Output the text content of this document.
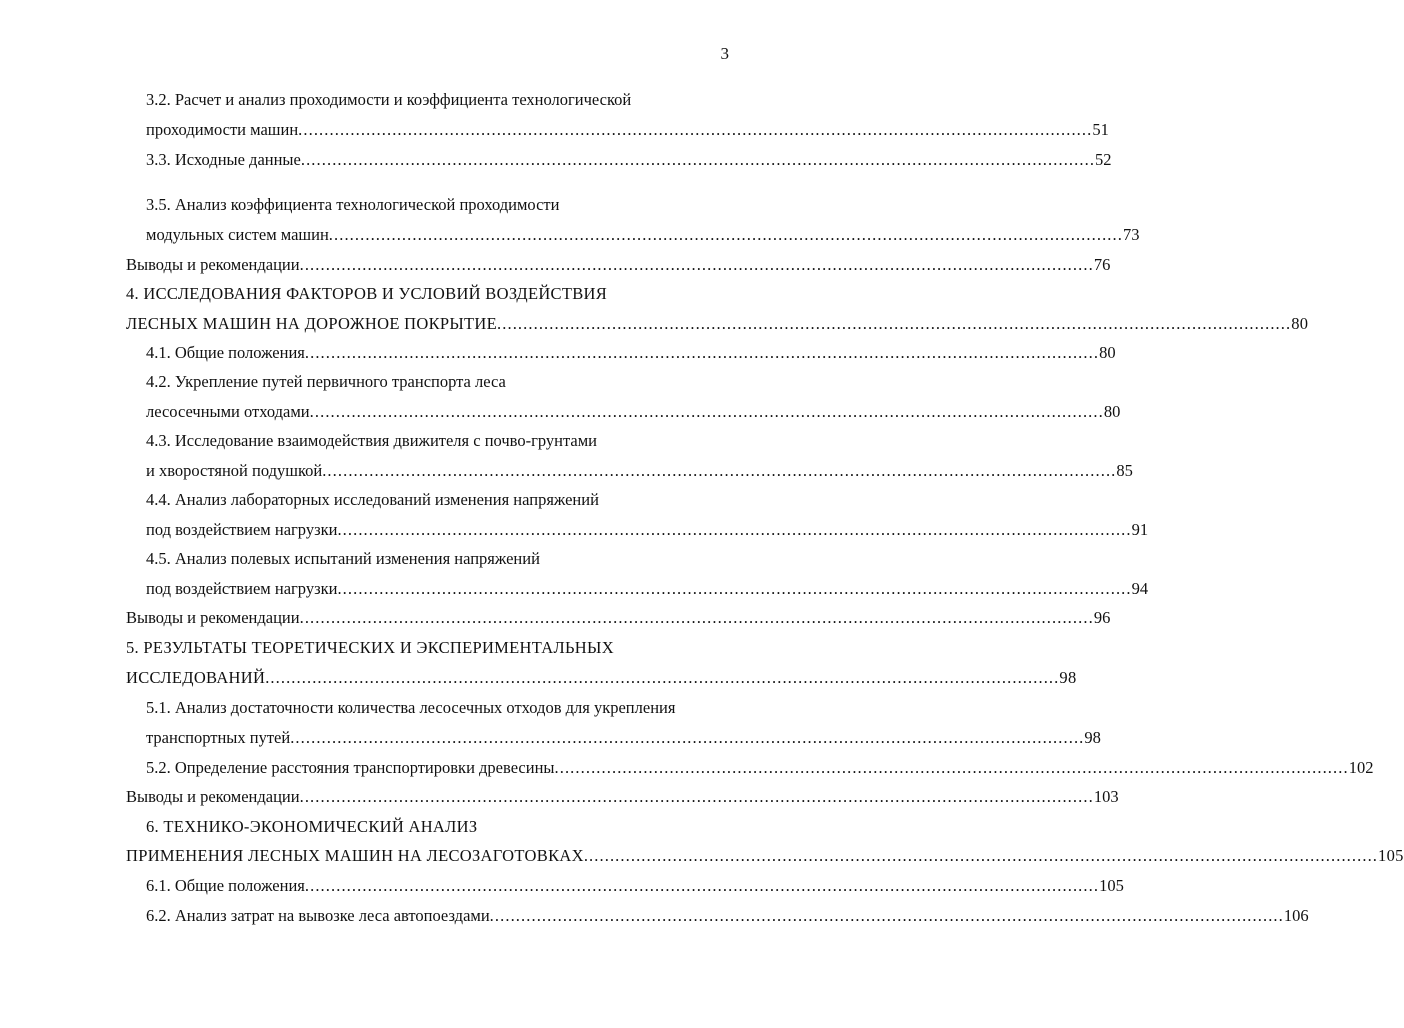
3
3.2. Расчет и анализ проходимости и коэффициента технологической
проходимости машин ........................................................................................................................................................ 51
3.3. Исходные данные ........................................................................................................................................................ 52
3.5. Анализ коэффициента технологической проходимости
модульных систем машин ........................................................................................................................................................ 73
Выводы и рекомендации ........................................................................................................................................................ 76
4. ИССЛЕДОВАНИЯ ФАКТОРОВ И УСЛОВИЙ ВОЗДЕЙСТВИЯ
ЛЕСНЫХ МАШИН НА ДОРОЖНОЕ ПОКРЫТИЕ ........................................................................................................................................................ 80
4.1. Общие положения ........................................................................................................................................................ 80
4.2. Укрепление путей первичного транспорта леса
лесосечными отходами ........................................................................................................................................................ 80
4.3. Исследование взаимодействия движителя с почво-грунтами
и хворостяной подушкой ........................................................................................................................................................ 85
4.4. Анализ лабораторных исследований изменения напряжений
под воздействием нагрузки ........................................................................................................................................................ 91
4.5. Анализ полевых испытаний изменения напряжений
под воздействием нагрузки ........................................................................................................................................................ 94
Выводы и рекомендации ........................................................................................................................................................ 96
5. РЕЗУЛЬТАТЫ ТЕОРЕТИЧЕСКИХ И ЭКСПЕРИМЕНТАЛЬНЫХ
ИССЛЕДОВАНИЙ ........................................................................................................................................................ 98
5.1. Анализ достаточности количества лесосечных отходов для укрепления
транспортных путей ........................................................................................................................................................ 98
5.2. Определение расстояния транспортировки древесины ........................................................................................................................................................ 102
Выводы и рекомендации ........................................................................................................................................................ 103
6. ТЕХНИКО-ЭКОНОМИЧЕСКИЙ АНАЛИЗ
ПРИМЕНЕНИЯ ЛЕСНЫХ МАШИН НА ЛЕСОЗАГОТОВКАХ ........................................................................................................................................................ 105
6.1. Общие положения ........................................................................................................................................................ 105
6.2. Анализ затрат на вывозке леса автопоездами ........................................................................................................................................................ 106
